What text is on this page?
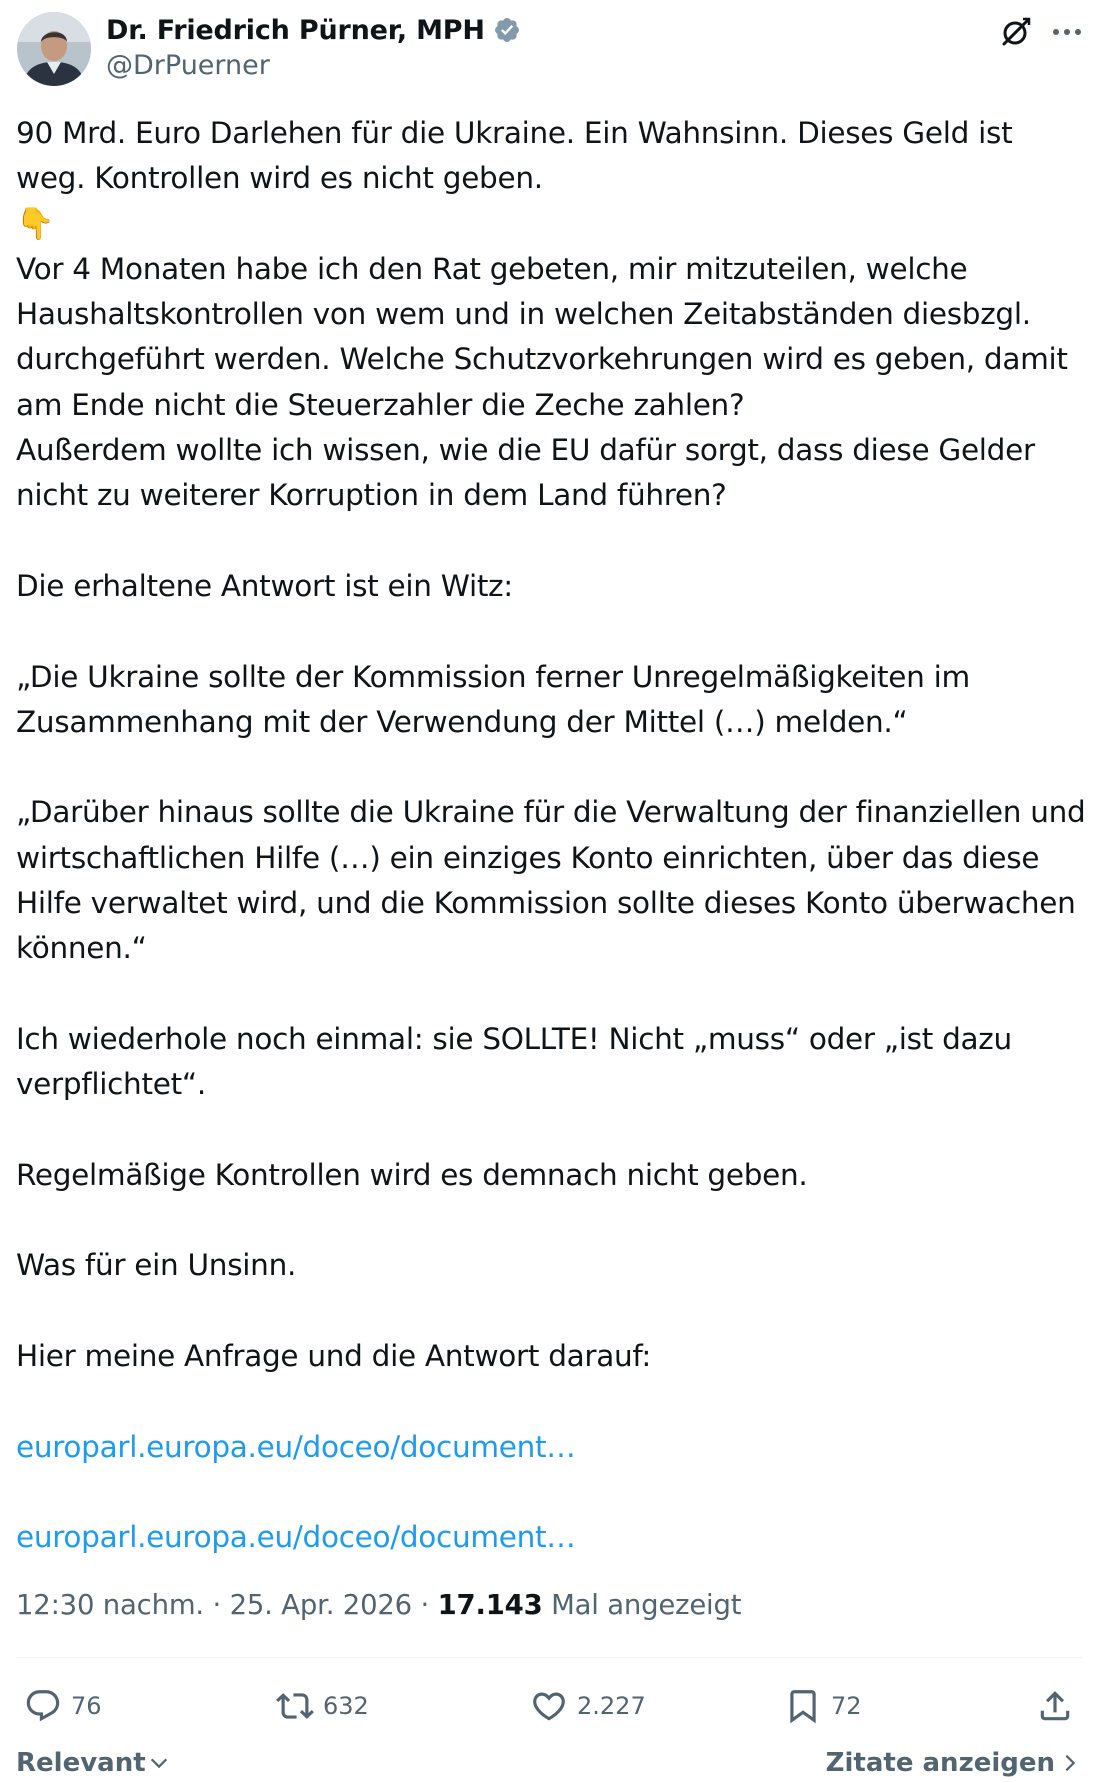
Dr. Friedrich Pürner, MPH
@DrPuerner

90 Mrd. Euro Darlehen für die Ukraine. Ein Wahnsinn. Dieses Geld ist weg. Kontrollen wird es nicht geben.

👇

Vor 4 Monaten habe ich den Rat gebeten, mir mitzuteilen, welche Haushaltskontrollen von wem und in welchen Zeitabständen diesbzgl. durchgeführt werden. Welche Schutzvorkehrungen wird es geben, damit am Ende nicht die Steuerzahler die Zeche zahlen?

Außerdem wollte ich wissen, wie die EU dafür sorgt, dass diese Gelder nicht zu weiterer Korruption in dem Land führen?

Die erhaltene Antwort ist ein Witz:

„Die Ukraine sollte der Kommission ferner Unregelmäßigkeiten im Zusammenhang mit der Verwendung der Mittel (…) melden.“

„Darüber hinaus sollte die Ukraine für die Verwaltung der finanziellen und wirtschaftlichen Hilfe (…) ein einziges Konto einrichten, über das diese Hilfe verwaltet wird, und die Kommission sollte dieses Konto überwachen können.“

Ich wiederhole noch einmal: sie SOLLTE! Nicht „muss“ oder „ist dazu verpflichtet“.

Regelmäßige Kontrollen wird es demnach nicht geben.

Was für ein Unsinn.

Hier meine Anfrage und die Antwort darauf:

europarl.europa.eu/doceo/document…

europarl.europa.eu/doceo/document…

12:30 nachm. · 25. Apr. 2026 · 17.143 Mal angezeigt
76	632	2.227	72
Relevant	Zitate anzeigen
